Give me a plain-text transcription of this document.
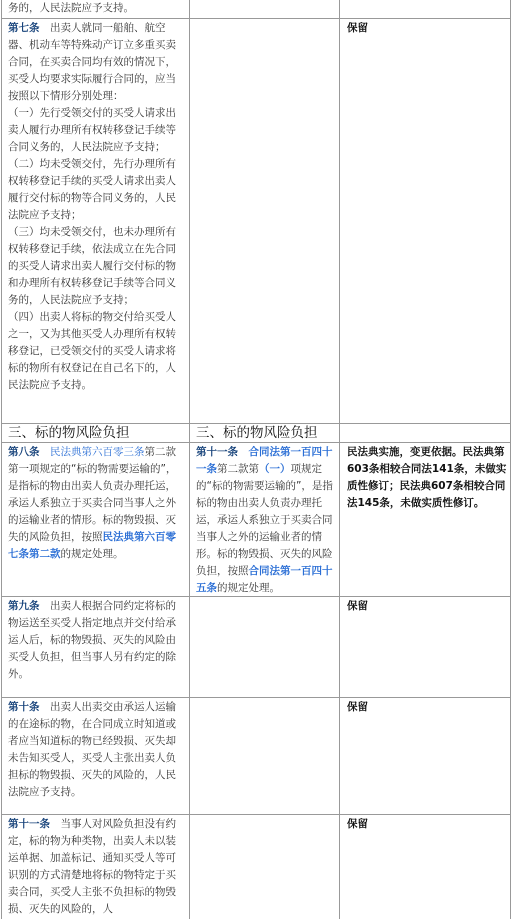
务的，人民法院应予支持。
第七条　出卖人就同一船舶、航空器、机动车等特殊动产订立多重买卖合同，在买卖合同均有效的情况下，买受人均要求实际履行合同的，应当按照以下情形分别处理：
（一）先行受领交付的买受人请求出卖人履行办理所有权转移登记手续等合同义务的，人民法院应予支持；
（二）均未受领交付，先行办理所有权转移登记手续的买受人请求出卖人履行交付标的物等合同义务的，人民法院应予支持；
（三）均未受领交付，也未办理所有权转移登记手续，依法成立在先合同的买受人请求出卖人履行交付标的物和办理所有权转移登记手续等合同义务的，人民法院应予支持；
（四）出卖人将标的物交付给买受人之一，又为其他买受人办理所有权转移登记，已受领交付的买受人请求将标的物所有权登记在自己名下的，人民法院应予支持。
保留
三、标的物风险负担	三、标的物风险负担
第八条　 民法典第六百零三条第二款第一项规定的“标的物需要运输的”，是指标的物由出卖人负责办理托运，承运人系独立于买卖合同当事人之外的运输业者的情形。标的物毁损、灭失的风险负担，按照民法典第六百零七条第二款的规定处理。
第十一条　 合同法第一百四十一条第二款第（一）项规定的“标的物需要运输的”，是指标的物由出卖人负责办理托运，承运人系独立于买卖合同当事人之外的运输业者的情形。标的物毁损、灭失的风险负担，按照合同法第一百四十五条的规定处理。
民法典实施，变更依据。民法典第603条相较合同法141条，未做实质性修订；民法典607条相较合同法145条，未做实质性修订。
第九条　出卖人根据合同约定将标的物运送至买受人指定地点并交付给承运人后，标的物毁损、灭失的风险由买受人负担，但当事人另有约定的除外。
保留
第十条　出卖人出卖交由承运人运输的在途标的物，在合同成立时知道或者应当知道标的物已经毁损、灭失却未告知买受人，买受人主张出卖人负担标的物毁损、灭失的风险的，人民法院应予支持。
保留
第十一条　当事人对风险负担没有约定，标的物为种类物，出卖人未以装运单据、加盖标记、通知买受人等可识别的方式清楚地将标的物特定于买卖合同，买受人主张不负担标的物毁损、灭失的风险的，人
保留
